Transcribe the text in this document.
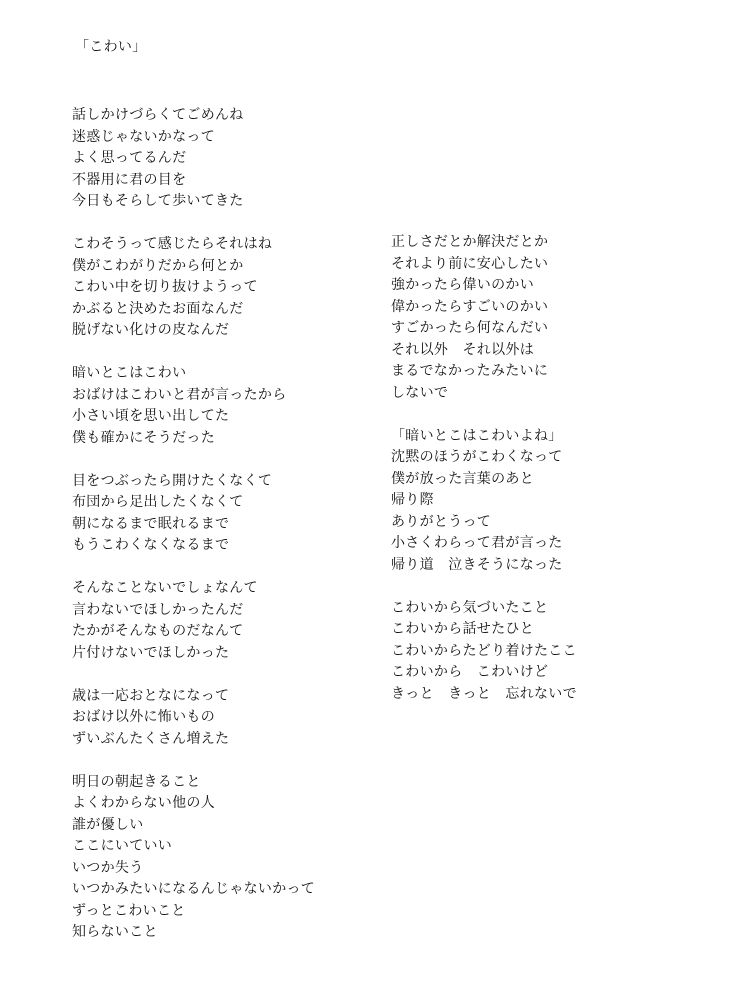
「こわい」
話しかけづらくてごめんね
迷惑じゃないかなって
よく思ってるんだ
不器用に君の目を
今日もそらして歩いてきた
こわそうって感じたらそれはね
僕がこわがりだから何とか
こわい中を切り抜けようって
かぶると決めたお面なんだ
脱げない化けの皮なんだ
暗いとこはこわい
おばけはこわいと君が言ったから
小さい頃を思い出してた
僕も確かにそうだった
目をつぶったら開けたくなくて
布団から足出したくなくて
朝になるまで眠れるまで
もうこわくなくなるまで
そんなことないでしょなんて
言わないでほしかったんだ
たかがそんなものだなんて
片付けないでほしかった
歳は一応おとなになって
おばけ以外に怖いもの
ずいぶんたくさん増えた
明日の朝起きること
よくわからない他の人
誰が優しい
ここにいていい
いつか失う
いつかみたいになるんじゃないかって
ずっとこわいこと
知らないこと
正しさだとか解決だとか
それより前に安心したい
強かったら偉いのかい
偉かったらすごいのかい
すごかったら何なんだい
それ以外　それ以外は
まるでなかったみたいに
しないで
「暗いとこはこわいよね」
沈黙のほうがこわくなって
僕が放った言葉のあと
帰り際
ありがとうって
小さくわらって君が言った
帰り道　泣きそうになった
こわいから気づいたこと
こわいから話せたひと
こわいからたどり着けたここ
こわいから　こわいけど
きっと　きっと　忘れないで
